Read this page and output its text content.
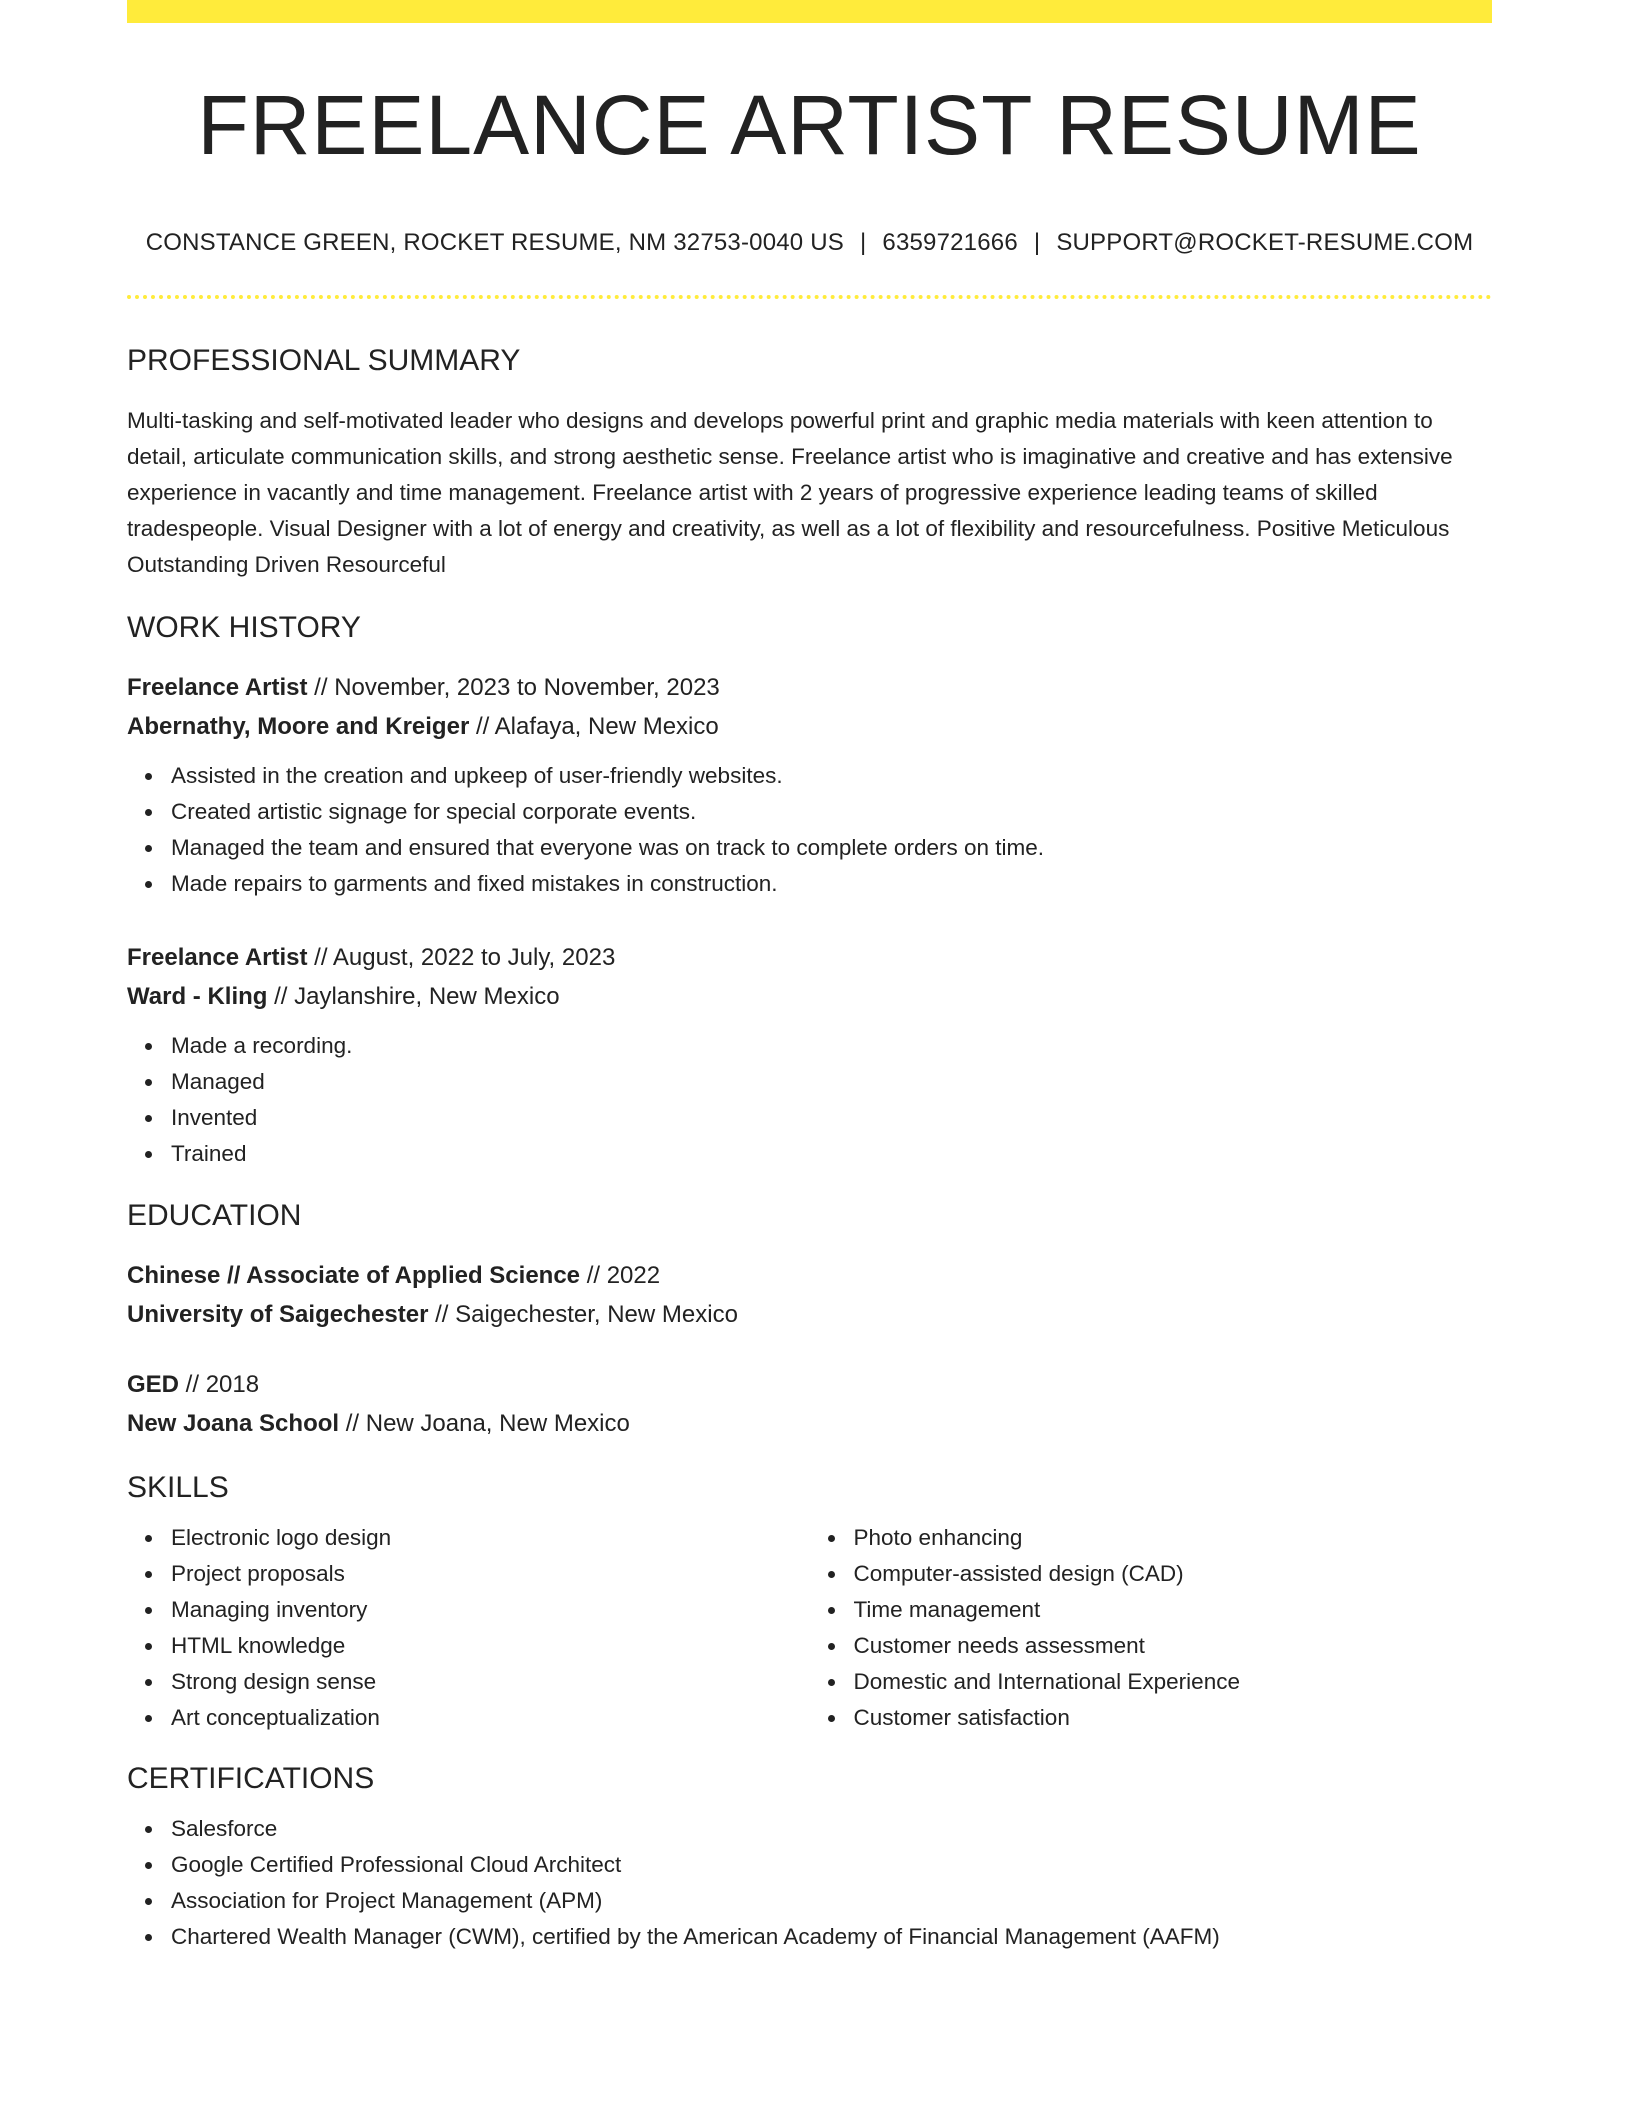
FREELANCE ARTIST RESUME
CONSTANCE GREEN, ROCKET RESUME, NM 32753-0040 US | 6359721666 | SUPPORT@ROCKET-RESUME.COM
PROFESSIONAL SUMMARY

Multi-tasking and self-motivated leader who designs and develops powerful print and graphic media materials with keen attention to detail, articulate communication skills, and strong aesthetic sense. Freelance artist who is imaginative and creative and has extensive experience in vacantly and time management. Freelance artist with 2 years of progressive experience leading teams of skilled tradespeople. Visual Designer with a lot of energy and creativity, as well as a lot of flexibility and resourcefulness. Positive Meticulous Outstanding Driven Resourceful

WORK HISTORY
Freelance Artist // November, 2023 to November, 2023
Abernathy, Moore and Kreiger // Alafaya, New Mexico
Assisted in the creation and upkeep of user-friendly websites.
Created artistic signage for special corporate events.
Managed the team and ensured that everyone was on track to complete orders on time.
Made repairs to garments and fixed mistakes in construction.
Freelance Artist // August, 2022 to July, 2023
Ward - Kling // Jaylanshire, New Mexico
Made a recording.
Managed
Invented
Trained
EDUCATION
Chinese // Associate of Applied Science // 2022
University of Saigechester // Saigechester, New Mexico
GED // 2018
New Joana School // New Joana, New Mexico
SKILLS
Electronic logo design
Project proposals
Managing inventory
HTML knowledge
Strong design sense
Art conceptualization
Photo enhancing
Computer-assisted design (CAD)
Time management
Customer needs assessment
Domestic and International Experience
Customer satisfaction
CERTIFICATIONS
Salesforce
Google Certified Professional Cloud Architect
Association for Project Management (APM)
Chartered Wealth Manager (CWM), certified by the American Academy of Financial Management (AAFM)
